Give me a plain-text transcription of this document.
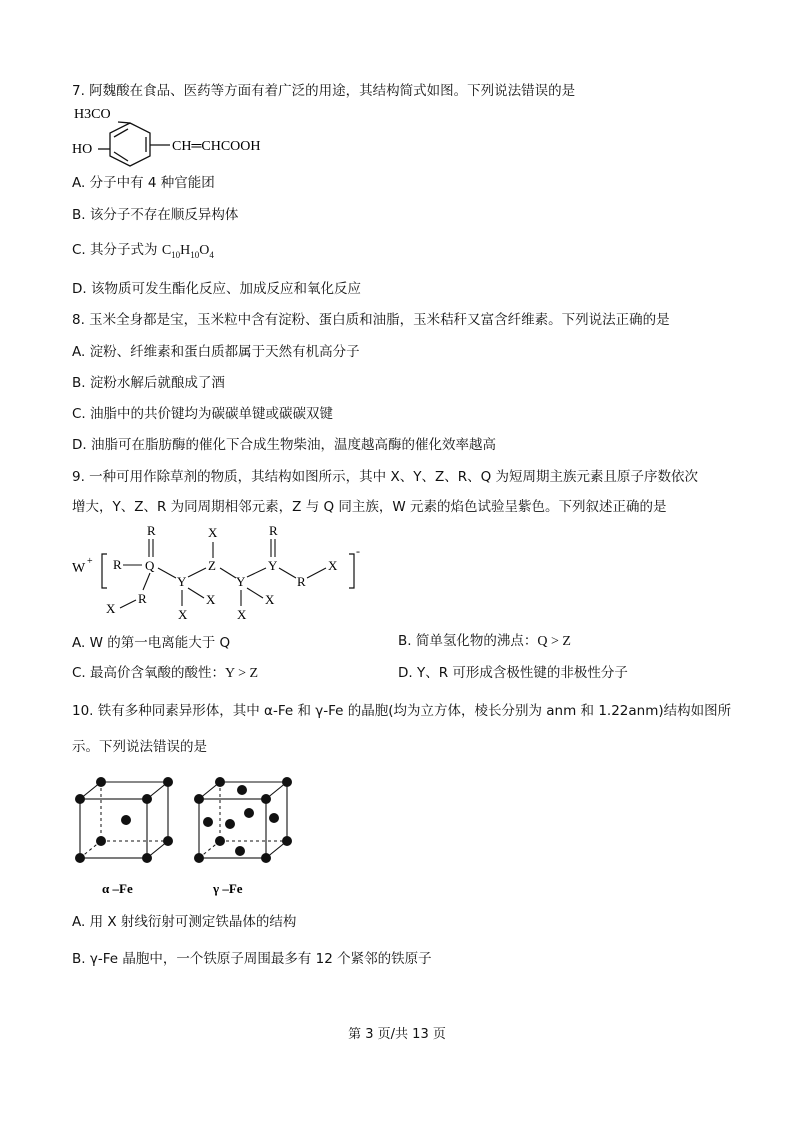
7. 阿魏酸在食品、医药等方面有着广泛的用途，其结构简式如图。下列说法错误的是
H3CO
HO	CH═CHCOOH
A. 分子中有 4 种官能团
B. 该分子不存在顺反异构体
C. 其分子式为 $C_{10}H_{10}O_4$
D. 该物质可发生酯化反应、加成反应和氧化反应
8. 玉米全身都是宝，玉米粒中含有淀粉、蛋白质和油脂，玉米秸秆又富含纤维素。下列说法正确的是
A. 淀粉、纤维素和蛋白质都属于天然有机高分子
B. 淀粉水解后就酿成了酒
C. 油脂中的共价键均为碳碳单键或碳碳双键
D. 油脂可在脂肪酶的催化下合成生物柴油，温度越高酶的催化效率越高
9. 一种可用作除草剂的物质，其结构如图所示，其中 X、Y、Z、R、Q 为短周期主族元素且原子序数依次
增大，Y、Z、R 为同周期相邻元素，Z 与 Q 同主族，W 元素的焰色试验呈紫色。下列叙述正确的是
W +
-
R Q
R
R
X
Y
X
X
Z
X
Y
X
X
Y
R
R
X
A. W 的第一电离能大于 Q	B. 简单氢化物的沸点：Q > Z
C. 最高价含氧酸的酸性：Y > Z	D. Y、R 可形成含极性键的非极性分子
10. 铁有多种同素异形体，其中 α-Fe 和 γ-Fe 的晶胞(均为立方体，棱长分别为 anm 和 1.22anm)结构如图所
示。下列说法错误的是
α –Fe	γ –Fe
A. 用 X 射线衍射可测定铁晶体的结构
B. γ-Fe 晶胞中，一个铁原子周围最多有 12 个紧邻的铁原子
第 3 页/共 13 页
